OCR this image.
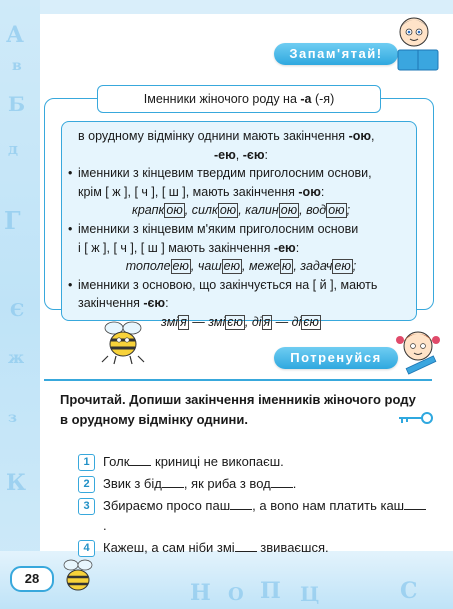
А
в
Б
д
Г
Є
ж
з
К
Н О П Ц	С
Запам'ятай!
Іменники жіночого роду на -а (-я)
в орудному відмінку однини мають закінчення -ою,
-ею, -єю:
• іменники з кінцевим твердим приголосним основи,
крім [ ж ], [ ч ], [ ш ], мають закінчення -ою:
крапк ою , силк ою , калин ою , вод ою ;
• іменники з кінцевим м'яким приголосним основи
і [ ж ], [ ч ], [ ш ] мають закінчення -ею:
тополе ею , чаш ею , меже ю , задач ею ;
• іменники з основою, що закінчується на [ й ], мають
закінчення -єю:
змі я — змі єю , ді я — ді єю
Потренуйся
Прочитай. Допиши закінчення іменників жіночого роду в орудному відмінку однини.
1	Голк криниці не викопаєш.
2	Звик з бід , як риба з вод .
3	Збираємо просо паш , а вono нам платить каш.
4	Кажеш, а сам ніби змі звиваєшся.
28
